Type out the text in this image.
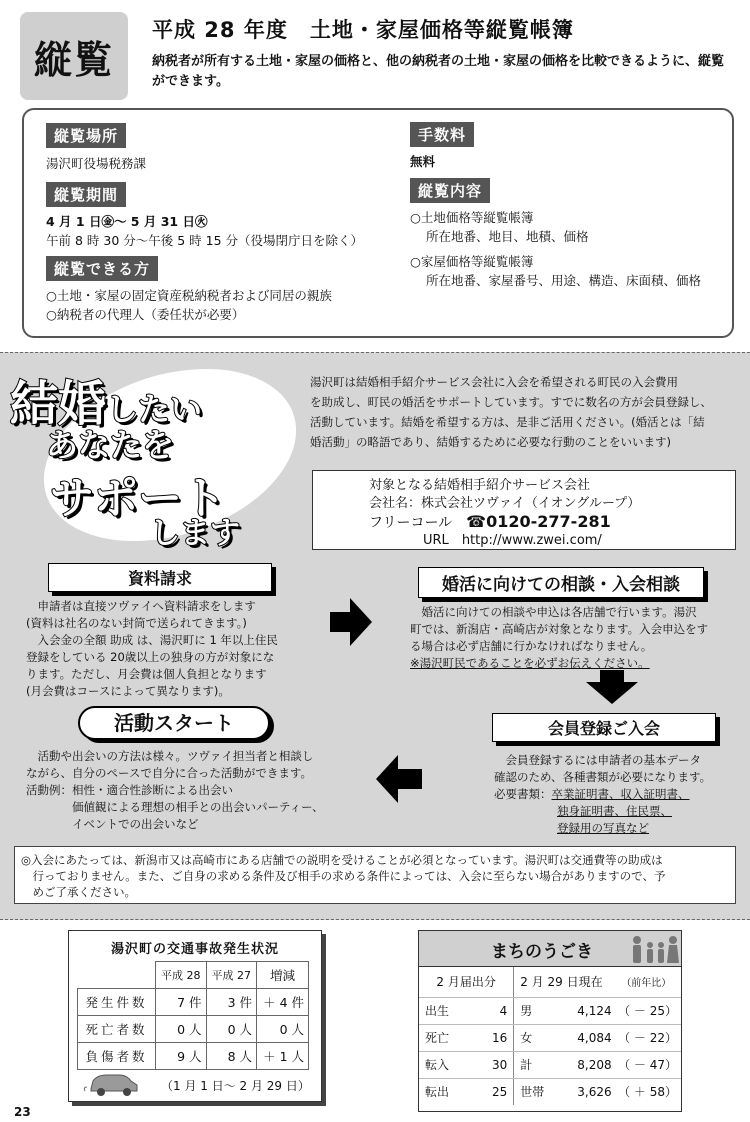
縦覧
平成 28 年度　土地・家屋価格等縦覧帳簿
納税者が所有する土地・家屋の価格と、他の納税者の土地・家屋の価格を比較できるように、縦覧ができます。
縦覧場所
湯沢町役場税務課
縦覧期間
4 月 1 日㊎～ 5 月 31 日㊋
午前 8 時 30 分～午後 5 時 15 分（役場閉庁日を除く）
縦覧できる方
○土地・家屋の固定資産税納税者および同居の親族
○納税者の代理人（委任状が必要）
手数料
無料
縦覧内容
○土地価格等縦覧帳簿
所在地番、地目、地積、価格
○家屋価格等縦覧帳簿
所在地番、家屋番号、用途、構造、床面積、価格
結婚したい
あなたを
サポート
します
湯沢町は結婚相手紹介サービス会社に入会を希望される町民の入会費用
を助成し、町民の婚活をサポートしています。すでに数名の方が会員登録し、
活動しています。結婚を希望する方は、是非ご活用ください。(婚活とは「結
婚活動」の略語であり、結婚するために必要な行動のことをいいます)
対象となる結婚相手紹介サービス会社
会社名：株式会社ツヴァイ（イオングループ）
フリーコール　 ☎0120-277-281
URL　 http://www.zwei.com/
資料請求
　申請者は直接ツヴァイへ資料請求をします
(資料は社名のない封筒で送られてきます。)
　入会金の全額 助成 は、湯沢町に 1 年以上住民
登録をしている 20歳以上の独身の方が対象にな
ります。ただし、月会費は個人負担となります
(月会費はコースによって異なります)。
婚活に向けての相談・入会相談
　婚活に向けての相談や申込は各店舗で行います。湯沢
町では、新潟店・高崎店が対象となります。入会申込をす
る場合は必ず店舗に行かなければなりません。
※湯沢町民であることを必ずお伝えください。
会員登録ご入会
　会員登録するには申請者の基本データ
確認のため、各種書類が必要になります。
必要書類：卒業証明書、収入証明書、
独身証明書、住民票、
登録用の写真など
活動スタート
　活動や出会いの方法は様々。ツヴァイ担当者と相談し
ながら、自分のペースで自分に合った活動ができます。
活動例：相性・適合性診断による出会い
　　　　価値観による理想の相手との出会いパーティー、
　　　　イベントでの出会いなど
◎入会にあたっては、新潟市又は高崎市にある店舗での説明を受けることが必須となっています。湯沢町は交通費等の助成は
　行っておりません。また、ご自身の求める条件及び相手の求める条件によっては、入会に至らない場合がありますので、予
　めご了承ください。
湯沢町の交通事故発生状況
	平成 28	平成 27	増減
発生件数	7 件	3 件	＋ 4 件
死亡者数	0 人	0 人	0 人
負傷者数	9 人	8 人	＋ 1 人
（1 月 1 日～ 2 月 29 日）
まちのうごき
2 月届出分		2 月 29 日現在		（前年比）
出生	4	男	4,124	（ － 25）
死亡	16	女	4,084	（ － 22）
転入	30	計	8,208	（ － 47）
転出	25	世帯	3,626	（ ＋ 58）
23
